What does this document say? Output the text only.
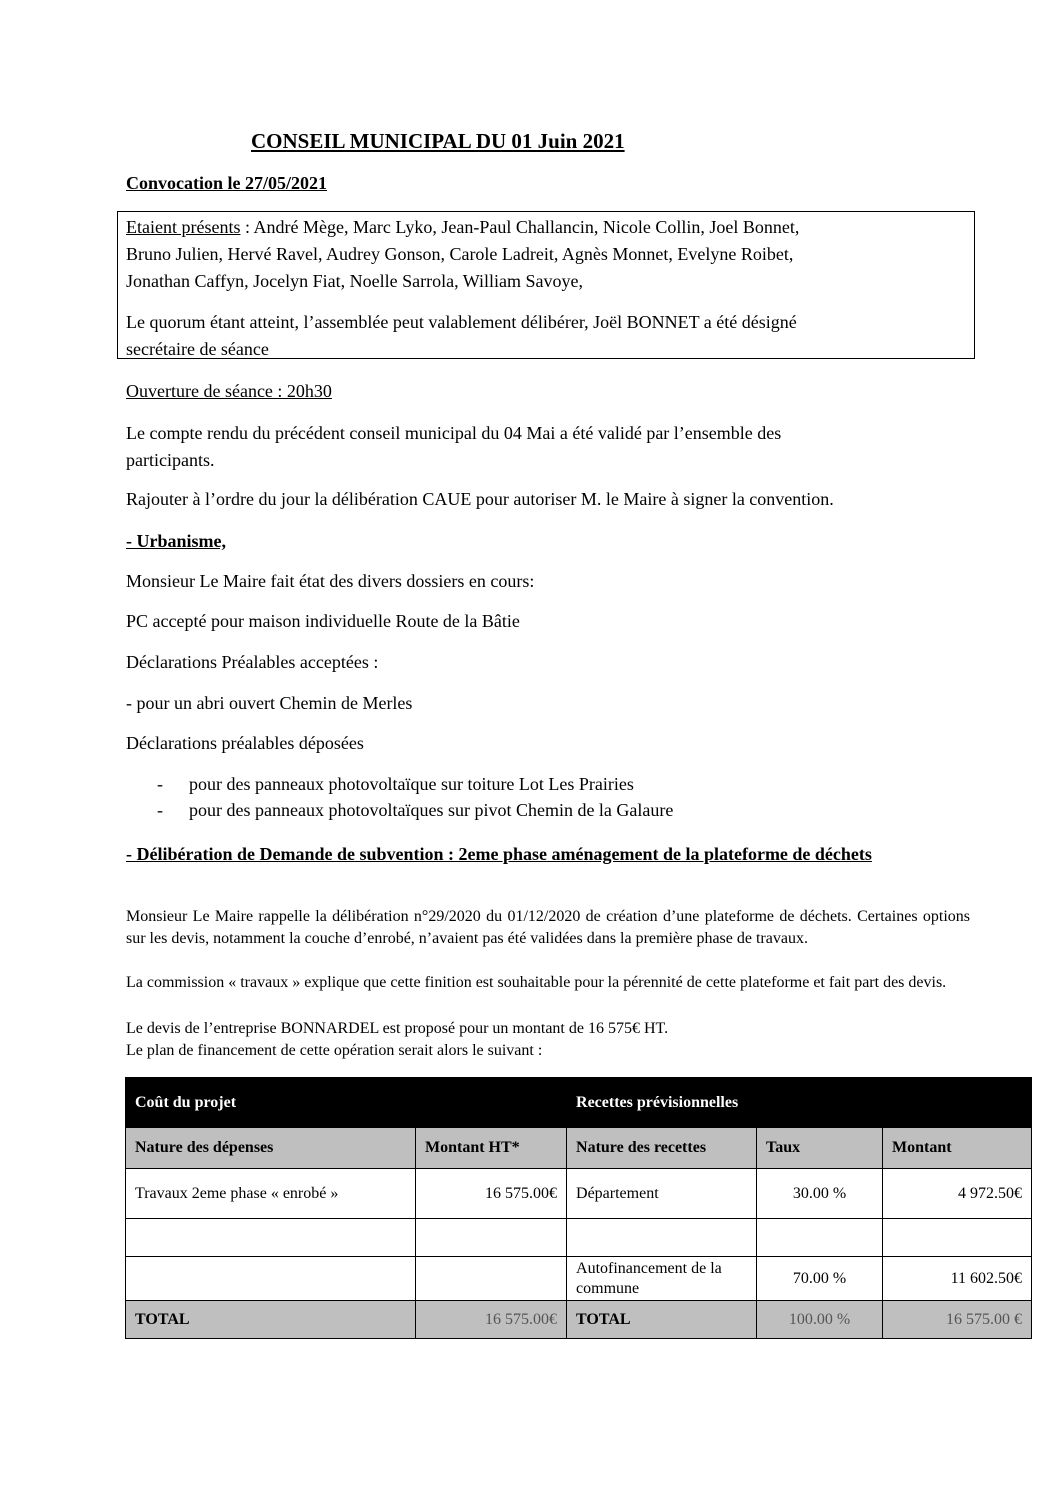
CONSEIL MUNICIPAL DU 01 Juin 2021
Convocation le 27/05/2021
Etaient présents : André Mège, Marc Lyko, Jean-Paul Challancin, Nicole Collin, Joel Bonnet,
Bruno Julien, Hervé Ravel, Audrey Gonson, Carole Ladreit, Agnès Monnet, Evelyne Roibet,
Jonathan Caffyn, Jocelyn Fiat, Noelle Sarrola, William Savoye,
Le quorum étant atteint, l’assemblée peut valablement délibérer, Joël BONNET a été désigné
secrétaire de séance
Ouverture de séance : 20h30
Le compte rendu du précédent conseil municipal du 04 Mai a été validé par l’ensemble des
participants.
Rajouter à l’ordre du jour la délibération CAUE pour autoriser M. le Maire à signer la convention.
- Urbanisme,
Monsieur Le Maire fait état des divers dossiers en cours:
PC accepté pour maison individuelle Route de la Bâtie
Déclarations Préalables acceptées :
- pour un abri ouvert Chemin de Merles
Déclarations préalables déposées
- pour des panneaux photovoltaïque sur toiture Lot Les Prairies
- pour des panneaux photovoltaïques sur pivot Chemin de la Galaure
- Délibération de Demande de subvention : 2eme phase aménagement de la plateforme de déchets
Monsieur Le Maire rappelle la délibération n°29/2020 du 01/12/2020 de création d’une plateforme de déchets. Certaines options sur les devis, notamment la couche d’enrobé, n’avaient pas été validées dans la première phase de travaux.
La commission « travaux » explique que cette finition est souhaitable pour la pérennité de cette plateforme et fait part des devis.
Le devis de l’entreprise BONNARDEL est proposé pour un montant de 16 575€ HT.
Le plan de financement de cette opération serait alors le suivant :
Coût du projet		Recettes prévisionnelles		
Nature des dépenses	Montant HT*	Nature des recettes	Taux	Montant
Travaux 2eme phase « enrobé »	16 575.00€	Département	30.00 %	4 972.50€

		Autofinancement de la commune	70.00 %	11 602.50€
TOTAL	16 575.00€	TOTAL	100.00 %	16 575.00 €
